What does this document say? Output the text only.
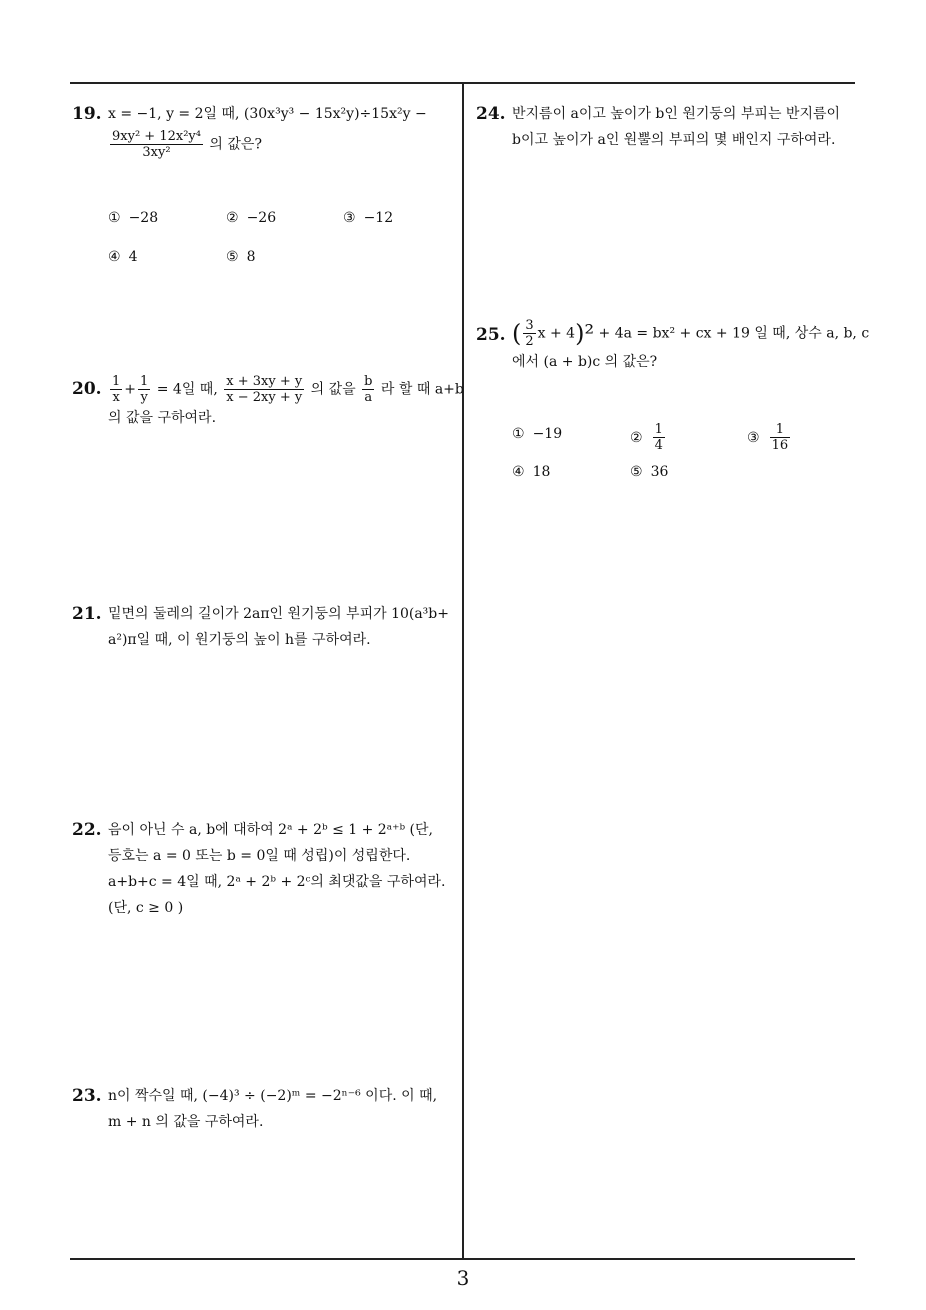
3
19. x = −1, y = 2일 때, (30x³y³ − 15x²y)÷15x²y −

$\frac{\text{9xy² + 12x²y⁴}}{\text{3xy²}}$ 의 값은?

① −28	② −26	③ −12
④ 4	⑤ 8
20. $\frac{1}{x} + \frac{1}{y} = 4$일 때, $\frac{x + 3xy + y}{x - 2xy + y}$ 의 값을 $\frac{b}{a}$ 라 할 때 a+b

의 값을 구하여라.

21. 밑면의 둘레의 길이가 2aπ인 원기둥의 부피가 10(a³b+

a²)π일 때, 이 원기둥의 높이 h를 구하여라.

22. 음이 아닌 수 a, b에 대하여 2ᵃ + 2ᵇ ≤ 1 + 2ᵃ⁺ᵇ (단,

등호는 a = 0 또는 b = 0일 때 성립)이 성립한다.

a+b+c = 4일 때, 2ᵃ + 2ᵇ + 2ᶜ의 최댓값을 구하여라.

(단, c ≥ 0 )

23. n이 짝수일 때, (−4)³ ÷ (−2)ᵐ = −2ⁿ⁻⁶ 이다. 이 때,

m + n 의 값을 구하여라.

24. 반지름이 a이고 높이가 b인 원기둥의 부피는 반지름이

b이고 높이가 a인 원뿔의 부피의 몇 배인지 구하여라.

25. ( $\frac{3}{2}$ x + 4)² + 4a = bx² + cx + 19 일 때, 상수 a, b, c

에서 (a + b)c 의 값은?

① −19	② $\frac{1}{4}$	③ $\frac{1}{16}$
④ 18	⑤ 36
